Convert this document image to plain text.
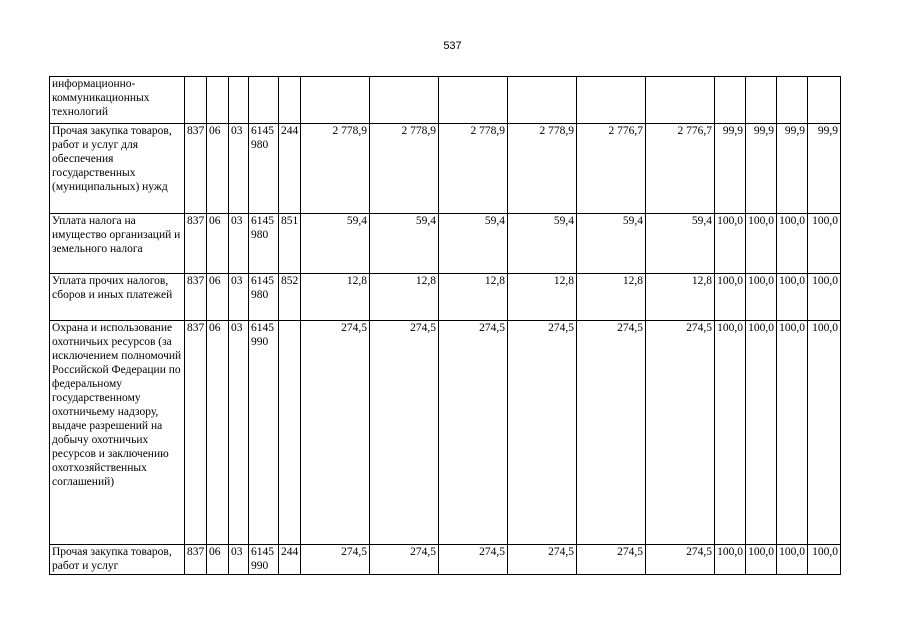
537
информационно-коммуникационных технологий															
Прочая закупка товаров, работ и услуг для обеспечения государственных (муниципальных) нужд	837	06	03	6145 980	244	2 778,9	2 778,9	2 778,9	2 778,9	2 776,7	2 776,7	99,9	99,9	99,9	99,9
Уплата налога на имущество организаций и земельного налога	837	06	03	6145 980	851	59,4	59,4	59,4	59,4	59,4	59,4	100,0	100,0	100,0	100,0
Уплата прочих налогов, сборов и иных платежей	837	06	03	6145 980	852	12,8	12,8	12,8	12,8	12,8	12,8	100,0	100,0	100,0	100,0
Охрана и использование охотничьих ресурсов (за исключением полномочий Российской Федерации по федеральному государственному охотничьему надзору, выдаче разрешений на добычу охотничьих ресурсов и заключению охотхозяйственных соглашений)	837	06	03	6145 990		274,5	274,5	274,5	274,5	274,5	274,5	100,0	100,0	100,0	100,0
Прочая закупка товаров, работ и услуг	837	06	03	6145 990	244	274,5	274,5	274,5	274,5	274,5	274,5	100,0	100,0	100,0	100,0
